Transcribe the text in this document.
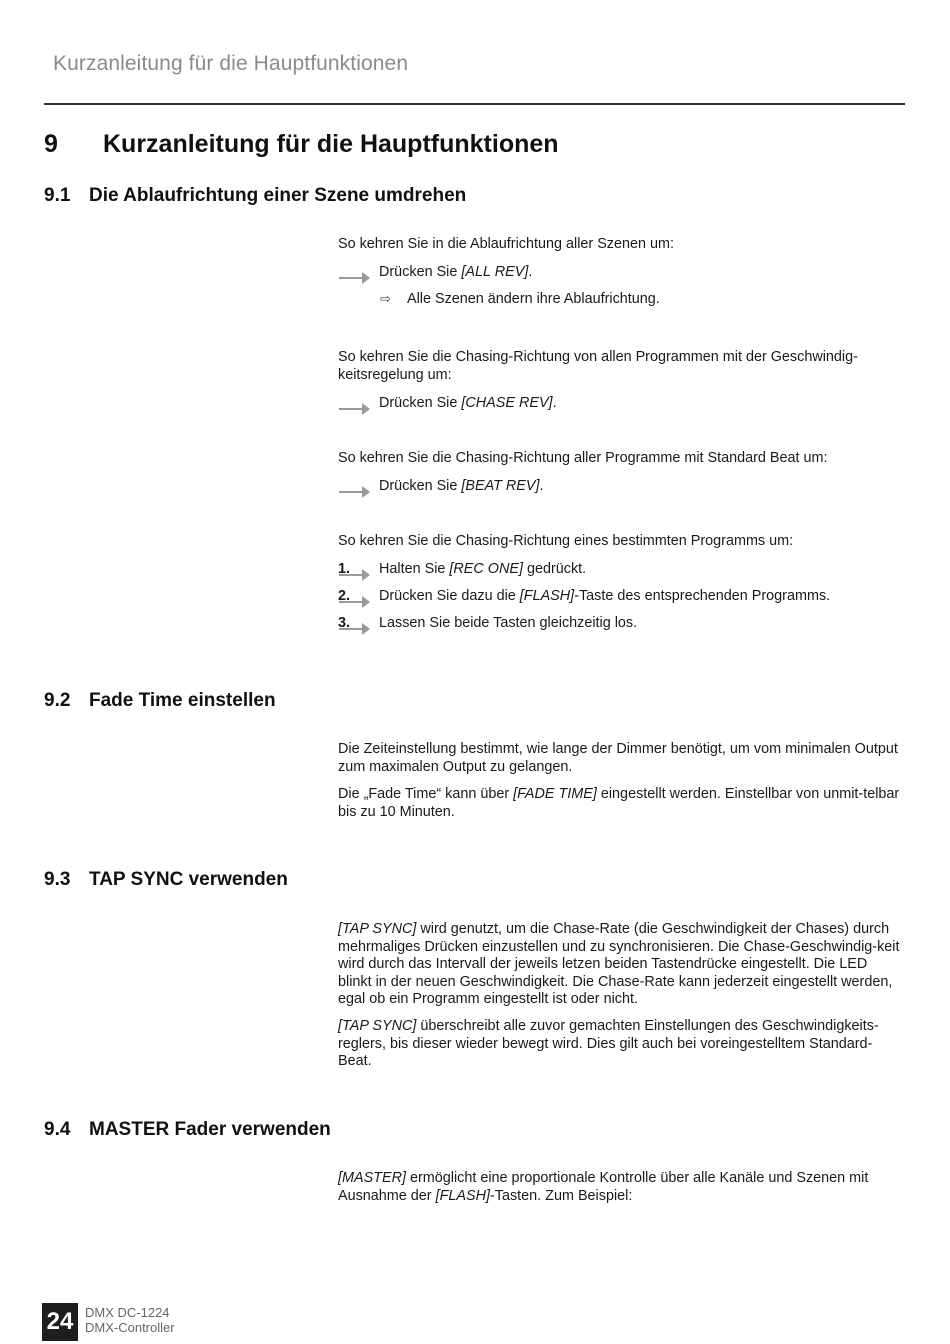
Kurzanleitung für die Hauptfunktionen
9 Kurzanleitung für die Hauptfunktionen
9.1 Die Ablaufrichtung einer Szene umdrehen
So kehren Sie in die Ablaufrichtung aller Szenen um:
Drücken Sie [ALL REV].
⇨ Alle Szenen ändern ihre Ablaufrichtung.
So kehren Sie die Chasing-Richtung von allen Programmen mit der Geschwindig-
keitsregelung um:
Drücken Sie [CHASE REV].
So kehren Sie die Chasing-Richtung aller Programme mit Standard Beat um:
Drücken Sie [BEAT REV].
So kehren Sie die Chasing-Richtung eines bestimmten Programms um:
1. Halten Sie [REC ONE] gedrückt.
2. Drücken Sie dazu die [FLASH]-Taste des entsprechenden Programms.
3. Lassen Sie beide Tasten gleichzeitig los.
9.2 Fade Time einstellen
Die Zeiteinstellung bestimmt, wie lange der Dimmer benötigt, um vom minimalen Output zum maximalen Output zu gelangen.
Die „Fade Time“ kann über [FADE TIME] eingestellt werden. Einstellbar von unmit-telbar bis zu 10 Minuten.
9.3 TAP SYNC verwenden
[TAP SYNC] wird genutzt, um die Chase-Rate (die Geschwindigkeit der Chases) durch mehrmaliges Drücken einzustellen und zu synchronisieren. Die Chase-Geschwindig-keit wird durch das Intervall der jeweils letzen beiden Tastendrücke eingestellt. Die LED blinkt in der neuen Geschwindigkeit. Die Chase-Rate kann jederzeit eingestellt werden, egal ob ein Programm eingestellt ist oder nicht.
[TAP SYNC] überschreibt alle zuvor gemachten Einstellungen des Geschwindigkeits-reglers, bis dieser wieder bewegt wird. Dies gilt auch bei voreingestelltem Standard-Beat.
9.4 MASTER Fader verwenden
[MASTER] ermöglicht eine proportionale Kontrolle über alle Kanäle und Szenen mit Ausnahme der [FLASH]-Tasten. Zum Beispiel:
24 DMX DC-1224
DMX-Controller
